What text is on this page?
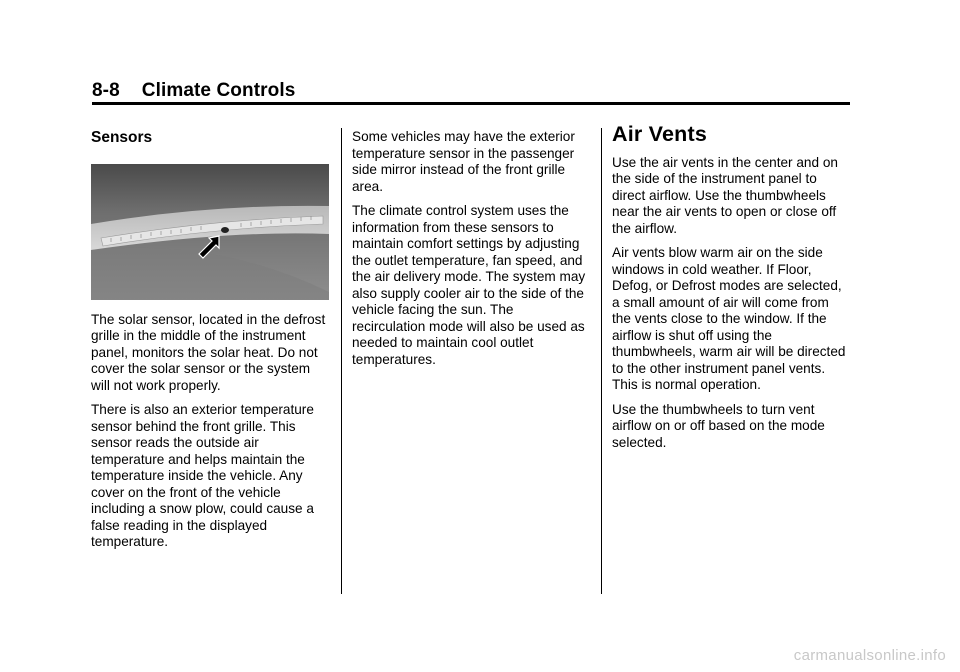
8-8 Climate Controls
Sensors

The solar sensor, located in the defrost grille in the middle of the instrument panel, monitors the solar heat. Do not cover the solar sensor or the system will not work properly.

There is also an exterior temperature sensor behind the front grille. This sensor reads the outside air temperature and helps maintain the temperature inside the vehicle. Any cover on the front of the vehicle including a snow plow, could cause a false reading in the displayed temperature.

Some vehicles may have the exterior temperature sensor in the passenger side mirror instead of the front grille area.

The climate control system uses the information from these sensors to maintain comfort settings by adjusting the outlet temperature, fan speed, and the air delivery mode. The system may also supply cooler air to the side of the vehicle facing the sun. The recirculation mode will also be used as needed to maintain cool outlet temperatures.

Air Vents

Use the air vents in the center and on the side of the instrument panel to direct airflow. Use the thumbwheels near the air vents to open or close off the airflow.

Air vents blow warm air on the side windows in cold weather. If Floor, Defog, or Defrost modes are selected, a small amount of air will come from the vents close to the window. If the airflow is shut off using the thumbwheels, warm air will be directed to the other instrument panel vents. This is normal operation.

Use the thumbwheels to turn vent airflow on or off based on the mode selected.

carmanualsonline.info
